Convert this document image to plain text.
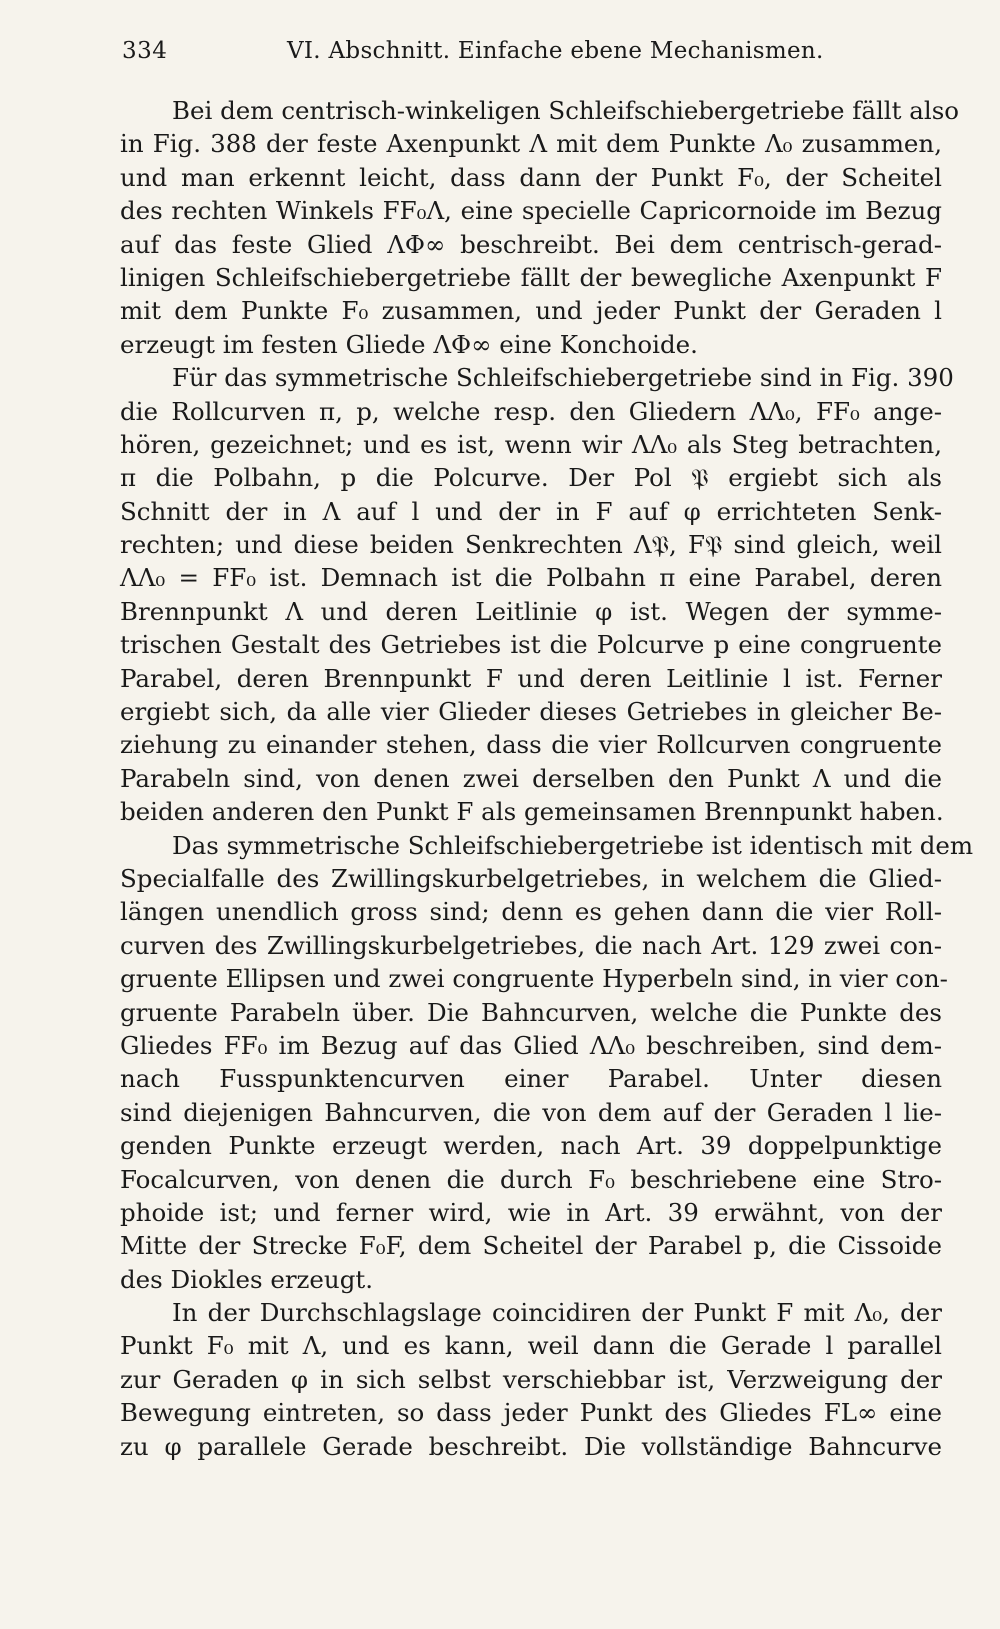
334	VI. Abschnitt. Einfache ebene Mechanismen.
Bei dem centrisch-winkeligen Schleifschiebergetriebe fällt also
in Fig. 388 der feste Axenpunkt Λ mit dem Punkte Λ₀ zusammen,
und man erkennt leicht, dass dann der Punkt F₀, der Scheitel
des rechten Winkels FF₀Λ, eine specielle Capricornoide im Bezug
auf das feste Glied ΛΦ∞ beschreibt. Bei dem centrisch-gerad-
linigen Schleifschiebergetriebe fällt der bewegliche Axenpunkt F
mit dem Punkte F₀ zusammen, und jeder Punkt der Geraden l
erzeugt im festen Gliede ΛΦ∞ eine Konchoide.
Für das symmetrische Schleifschiebergetriebe sind in Fig. 390
die Rollcurven π, p, welche resp. den Gliedern ΛΛ₀, FF₀ ange-
hören, gezeichnet; und es ist, wenn wir ΛΛ₀ als Steg betrachten,
π die Polbahn, p die Polcurve. Der Pol 𝔓 ergiebt sich als
Schnitt der in Λ auf l und der in F auf φ errichteten Senk-
rechten; und diese beiden Senkrechten Λ𝔓, F𝔓 sind gleich, weil
ΛΛ₀ = FF₀ ist. Demnach ist die Polbahn π eine Parabel, deren
Brennpunkt Λ und deren Leitlinie φ ist. Wegen der symme-
trischen Gestalt des Getriebes ist die Polcurve p eine congruente
Parabel, deren Brennpunkt F und deren Leitlinie l ist. Ferner
ergiebt sich, da alle vier Glieder dieses Getriebes in gleicher Be-
ziehung zu einander stehen, dass die vier Rollcurven congruente
Parabeln sind, von denen zwei derselben den Punkt Λ und die
beiden anderen den Punkt F als gemeinsamen Brennpunkt haben.
Das symmetrische Schleifschiebergetriebe ist identisch mit dem
Specialfalle des Zwillingskurbelgetriebes, in welchem die Glied-
längen unendlich gross sind; denn es gehen dann die vier Roll-
curven des Zwillingskurbelgetriebes, die nach Art. 129 zwei con-
gruente Ellipsen und zwei congruente Hyperbeln sind, in vier con-
gruente Parabeln über. Die Bahncurven, welche die Punkte des
Gliedes FF₀ im Bezug auf das Glied ΛΛ₀ beschreiben, sind dem-
nach Fusspunktencurven einer Parabel. Unter diesen
sind diejenigen Bahncurven, die von dem auf der Geraden l lie-
genden Punkte erzeugt werden, nach Art. 39 doppelpunktige
Focalcurven, von denen die durch F₀ beschriebene eine Stro-
phoide ist; und ferner wird, wie in Art. 39 erwähnt, von der
Mitte der Strecke F₀F, dem Scheitel der Parabel p, die Cissoide
des Diokles erzeugt.
In der Durchschlagslage coincidiren der Punkt F mit Λ₀, der
Punkt F₀ mit Λ, und es kann, weil dann die Gerade l parallel
zur Geraden φ in sich selbst verschiebbar ist, Verzweigung der
Bewegung eintreten, so dass jeder Punkt des Gliedes FL∞ eine
zu φ parallele Gerade beschreibt. Die vollständige Bahncurve
